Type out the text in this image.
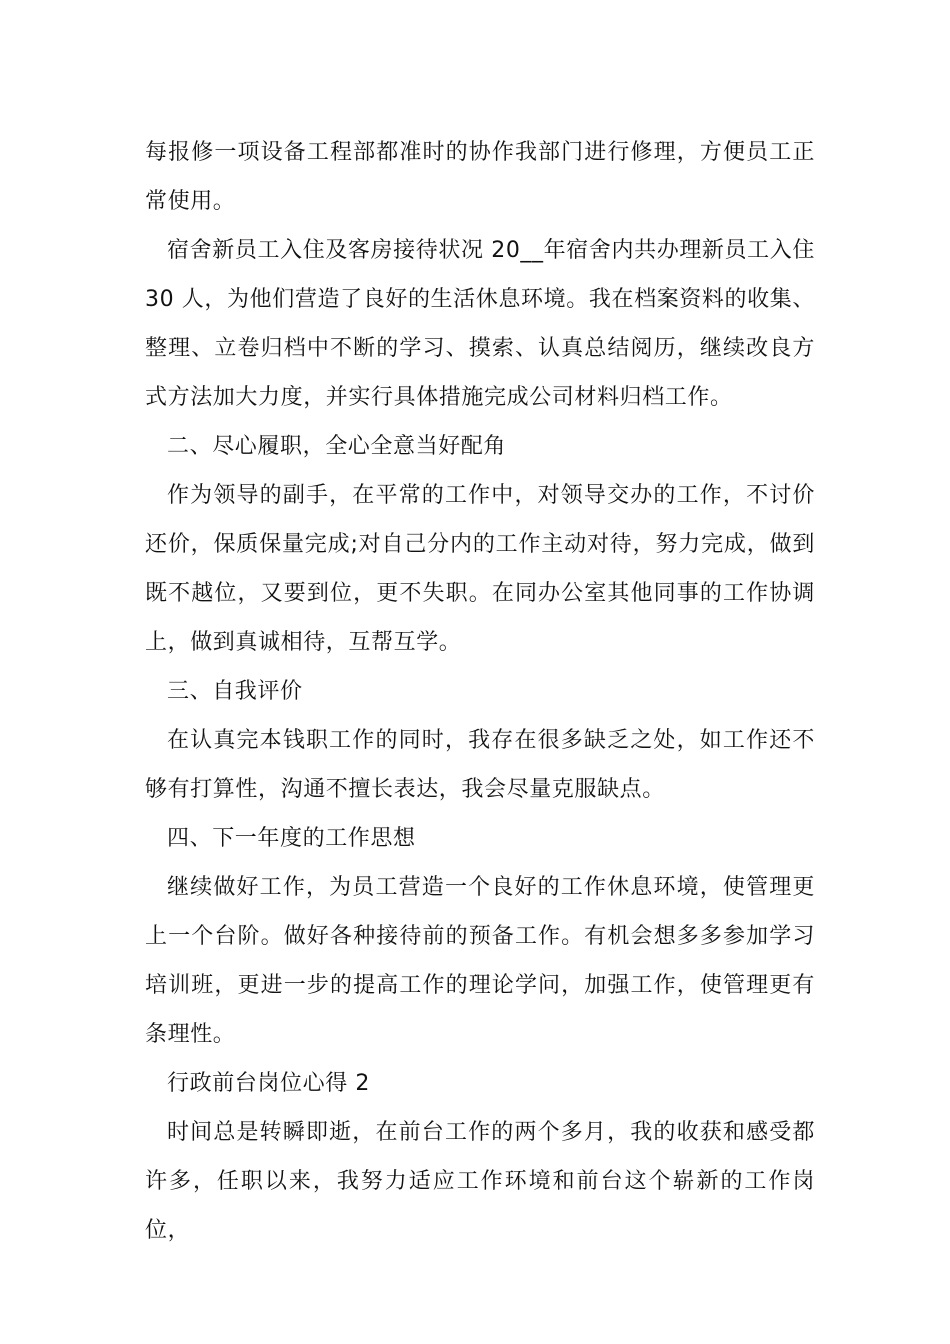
每报修一项设备工程部都准时的协作我部门进行修理，方便员工正常使用。

宿舍新员工入住及客房接待状况 20__年宿舍内共办理新员工入住30 人，为他们营造了良好的生活休息环境。我在档案资料的收集、整理、立卷归档中不断的学习、摸索、认真总结阅历，继续改良方式方法加大力度，并实行具体措施完成公司材料归档工作。

二、尽心履职，全心全意当好配角

作为领导的副手，在平常的工作中，对领导交办的工作，不讨价还价，保质保量完成;对自己分内的工作主动对待，努力完成，做到既不越位，又要到位，更不失职。在同办公室其他同事的工作协调上，做到真诚相待，互帮互学。

三、自我评价

在认真完本钱职工作的同时，我存在很多缺乏之处，如工作还不够有打算性，沟通不擅长表达，我会尽量克服缺点。

四、下一年度的工作思想

继续做好工作，为员工营造一个良好的工作休息环境，使管理更上一个台阶。做好各种接待前的预备工作。有机会想多多参加学习培训班，更进一步的提高工作的理论学问，加强工作，使管理更有条理性。

行政前台岗位心得 2

时间总是转瞬即逝，在前台工作的两个多月，我的收获和感受都许多，任职以来，我努力适应工作环境和前台这个崭新的工作岗位，
